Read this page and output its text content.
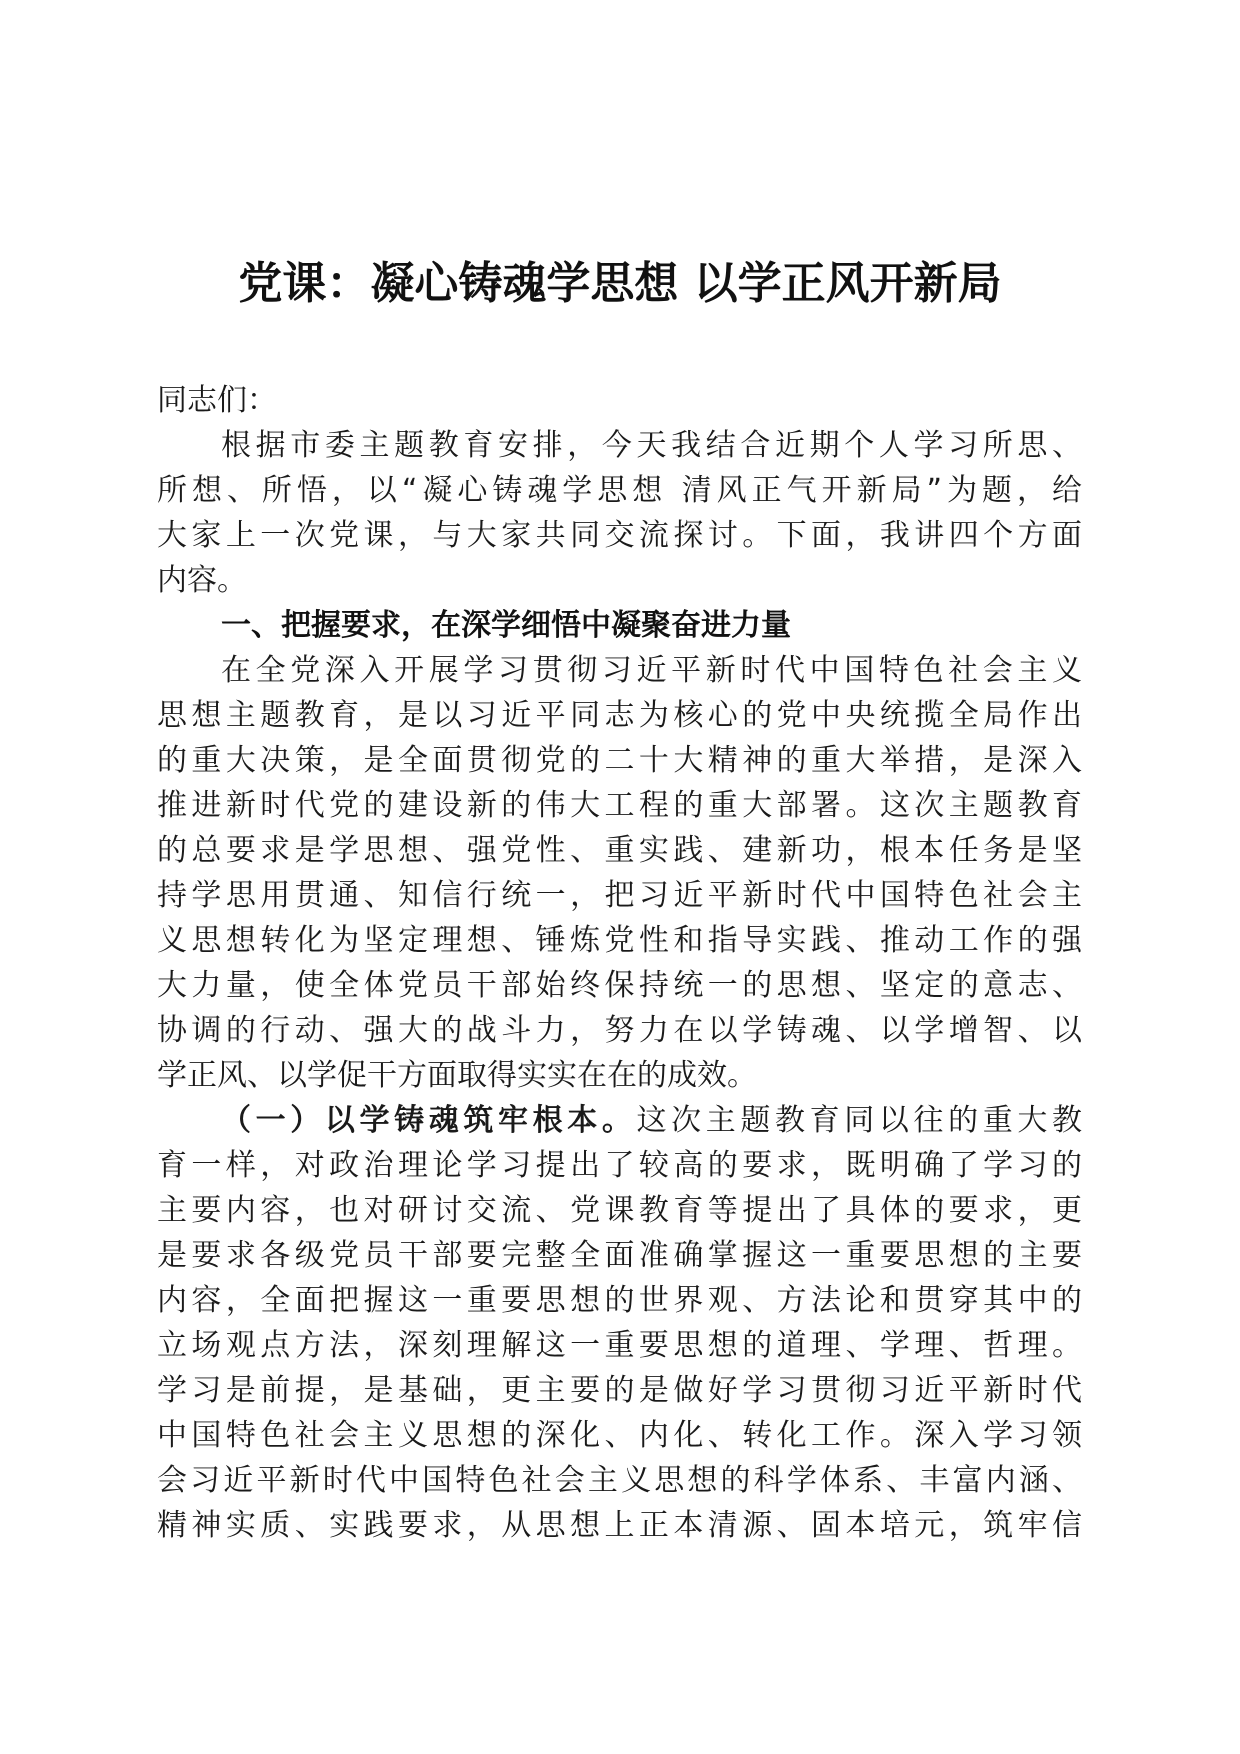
党课：凝心铸魂学思想 以学正风开新局

同志们：

根据市委主题教育安排，今天我结合近期个人学习所思、
所想、所悟，以“凝心铸魂学思想 清风正气开新局”为题，给
大家上一次党课，与大家共同交流探讨。下面，我讲四个方面
内容。

一、把握要求，在深学细悟中凝聚奋进力量

在全党深入开展学习贯彻习近平新时代中国特色社会主义
思想主题教育，是以习近平同志为核心的党中央统揽全局作出
的重大决策，是全面贯彻党的二十大精神的重大举措，是深入
推进新时代党的建设新的伟大工程的重大部署。这次主题教育
的总要求是学思想、强党性、重实践、建新功，根本任务是坚
持学思用贯通、知信行统一，把习近平新时代中国特色社会主
义思想转化为坚定理想、锤炼党性和指导实践、推动工作的强
大力量，使全体党员干部始终保持统一的思想、坚定的意志、
协调的行动、强大的战斗力，努力在以学铸魂、以学增智、以
学正风、以学促干方面取得实实在在的成效。

（一）以学铸魂筑牢根本。这次主题教育同以往的重大教
育一样，对政治理论学习提出了较高的要求，既明确了学习的
主要内容，也对研讨交流、党课教育等提出了具体的要求，更
是要求各级党员干部要完整全面准确掌握这一重要思想的主要
内容，全面把握这一重要思想的世界观、方法论和贯穿其中的
立场观点方法，深刻理解这一重要思想的道理、学理、哲理。
学习是前提，是基础，更主要的是做好学习贯彻习近平新时代
中国特色社会主义思想的深化、内化、转化工作。深入学习领
会习近平新时代中国特色社会主义思想的科学体系、丰富内涵、
精神实质、实践要求，从思想上正本清源、固本培元，筑牢信
